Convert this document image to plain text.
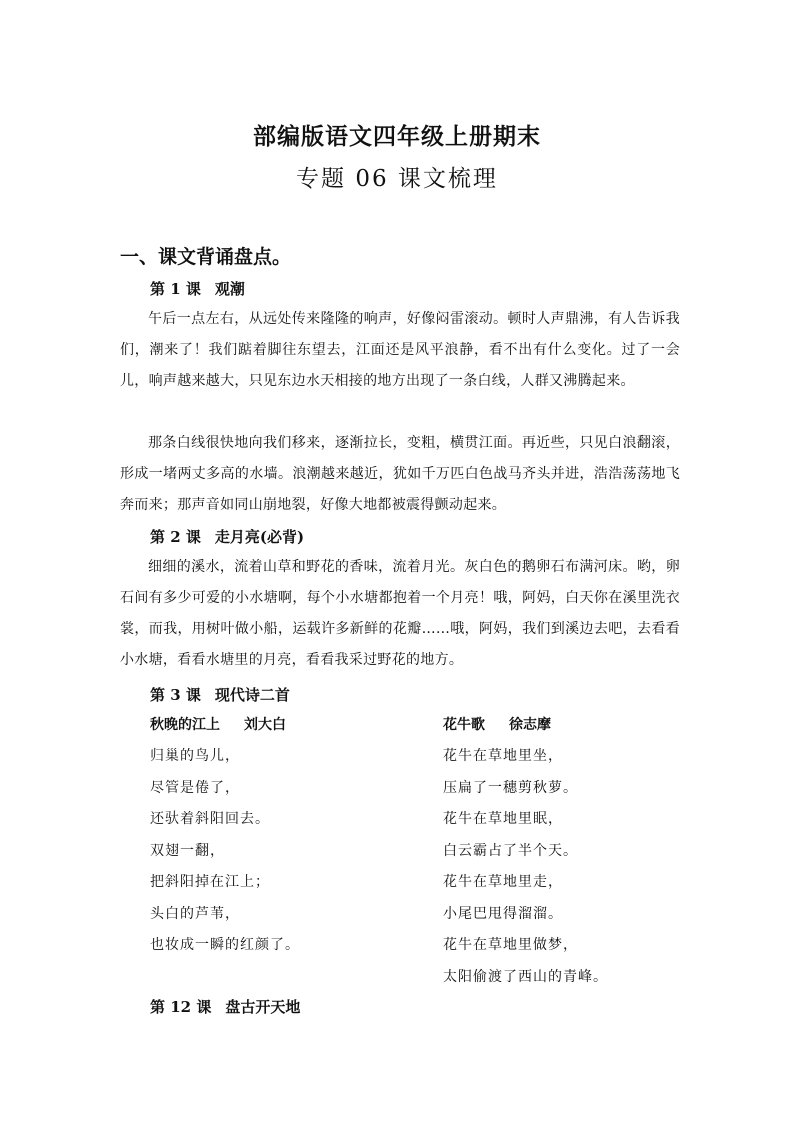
部编版语文四年级上册期末
专题 06 课文梳理
一、课文背诵盘点。
第 1 课 观潮
午后一点左右，从远处传来隆隆的响声，好像闷雷滚动。顿时人声鼎沸，有人告诉我们，潮来了！我们踮着脚往东望去，江面还是风平浪静，看不出有什么变化。过了一会儿，响声越来越大，只见东边水天相接的地方出现了一条白线，人群又沸腾起来。
那条白线很快地向我们移来，逐渐拉长，变粗，横贯江面。再近些，只见白浪翻滚，形成一堵两丈多高的水墙。浪潮越来越近，犹如千万匹白色战马齐头并进，浩浩荡荡地飞奔而来；那声音如同山崩地裂，好像大地都被震得颤动起来。
第 2 课 走月亮(必背)
细细的溪水，流着山草和野花的香味，流着月光。灰白色的鹅卵石布满河床。哟，卵石间有多少可爱的小水塘啊，每个小水塘都抱着一个月亮！哦，阿妈，白天你在溪里洗衣裳，而我，用树叶做小船，运载许多新鲜的花瓣……哦，阿妈，我们到溪边去吧，去看看小水塘，看看水塘里的月亮，看看我采过野花的地方。
第 3 课 现代诗二首
秋晚的江上 刘大白
归巢的鸟儿，
尽管是倦了，
还驮着斜阳回去。
双翅一翻，
把斜阳掉在江上；
头白的芦苇，
也妆成一瞬的红颜了。
花牛歌 徐志摩
花牛在草地里坐，
压扁了一穗剪秋萝。
花牛在草地里眠，
白云霸占了半个天。
花牛在草地里走，
小尾巴甩得溜溜。
花牛在草地里做梦，
太阳偷渡了西山的青峰。
第 12 课 盘古开天地
